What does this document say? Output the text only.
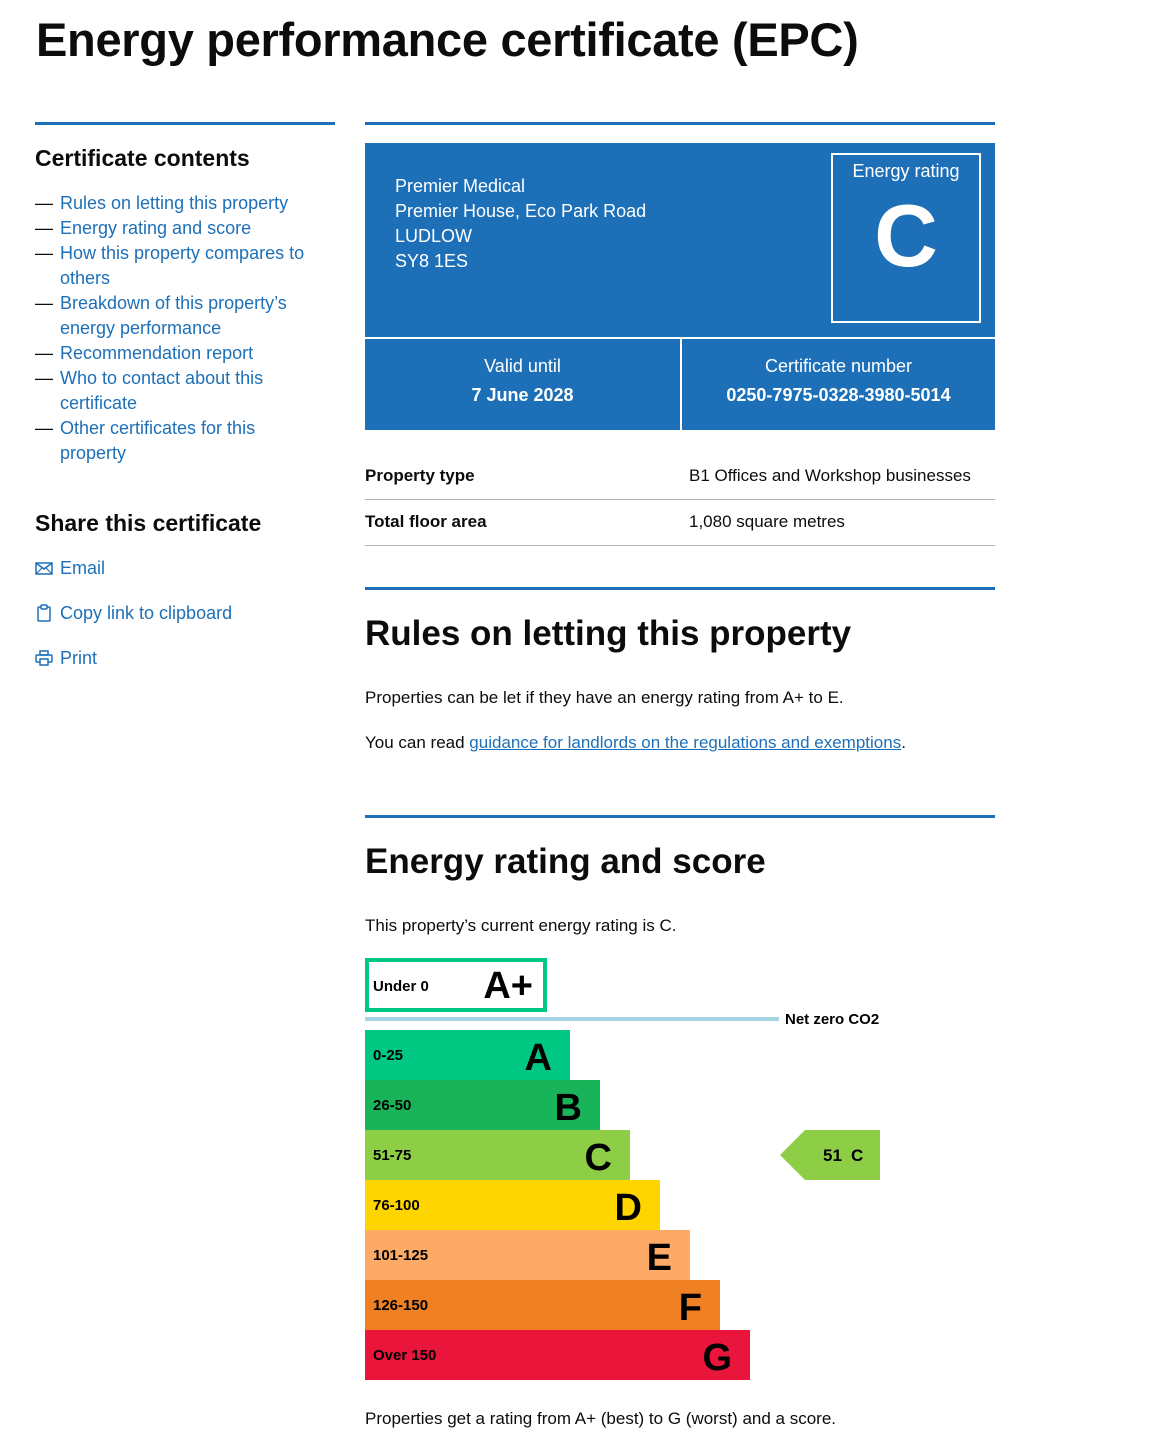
Energy performance certificate (EPC)
Certificate contents
— Rules on letting this property
— Energy rating and score
— How this property compares to
others
— Breakdown of this property’s
energy performance
— Recommendation report
— Who to contact about this
certificate
— Other certificates for this
property
Share this certificate
Email
Copy link to clipboard
Print
Premier Medical
Premier House, Eco Park Road
LUDLOW
SY8 1ES
Energy rating
C
Valid until
7 June 2028
Certificate number
0250-7975-0328-3980-5014
Property type	B1 Offices and Workshop businesses
Total floor area	1,080 square metres
Rules on letting this property

Properties can be let if they have an energy rating from A+ to E.

You can read guidance for landlords on the regulations and exemptions.

Energy rating and score

This property’s current energy rating is C.

Under 0 A+
0-25	A
26-50	B
51-75	C
76-100	D
101-125	E
126-150	F
Over 150	G
Net zero CO2
51 C

Properties get a rating from A+ (best) to G (worst) and a score.
